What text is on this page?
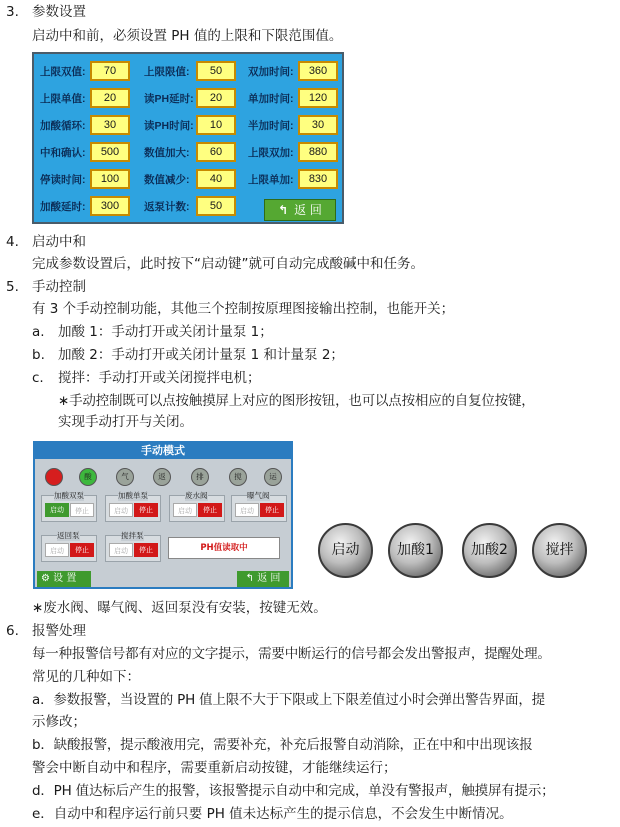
3. 参数设置
启动中和前，必须设置 PH 值的上限和下限范围值。
上限双值:	70	上限限值:	50	双加时间:	360
上限单值:	20	读PH延时:	20	单加时间:	120
加酸循环:	30	读PH时间:	10	半加时间:	30
中和确认:	500	数值加大:	60	上限双加:	880
停读时间:	100	数值减少:	40	上限单加:	830
加酸延时:	300	返泵计数:	50	↰ 返 回
4. 启动中和
完成参数设置后，此时按下“启动键”就可自动完成酸碱中和任务。
5. 手动控制
有 3 个手动控制功能，其他三个控制按原理图接输出控制，也能开关；
a. 加酸 1：手动打开或关闭计量泵 1；
b. 加酸 2：手动打开或关闭计量泵 1 和计量泵 2；
c. 搅拌：手动打开或关闭搅拌电机；
∗手动控制既可以点按触摸屏上对应的图形按钮，也可以点按相应的自复位按键，
实现手动打开与关闭。
手动模式
酸	气	返	排	搅	运
加酸双泵
启动	停止
加酸单泵
启动	停止
废水阀
启动	停止
曝气阀
启动	停止
返回泵
启动	停止
搅拌泵
启动	停止	PH值读取中
⚙ 设 置	↰ 返 回
启动	加酸1	加酸2	搅拌
∗废水阀、曝气阀、返回泵没有安装，按键无效。
6. 报警处理
每一种报警信号都有对应的文字提示，需要中断运行的信号都会发出警报声，提醒处理。
常见的几种如下：
a．参数报警，当设置的 PH 值上限不大于下限或上下限差值过小时会弹出警告界面，提
示修改；
b．缺酸报警，提示酸液用完，需要补充，补充后报警自动消除，正在中和中出现该报
警会中断自动中和程序，需要重新启动按键，才能继续运行；
d．PH 值达标后产生的报警，该报警提示自动中和完成，单没有警报声，触摸屏有提示；
e．自动中和程序运行前只要 PH 值未达标产生的提示信息，不会发生中断情况。
